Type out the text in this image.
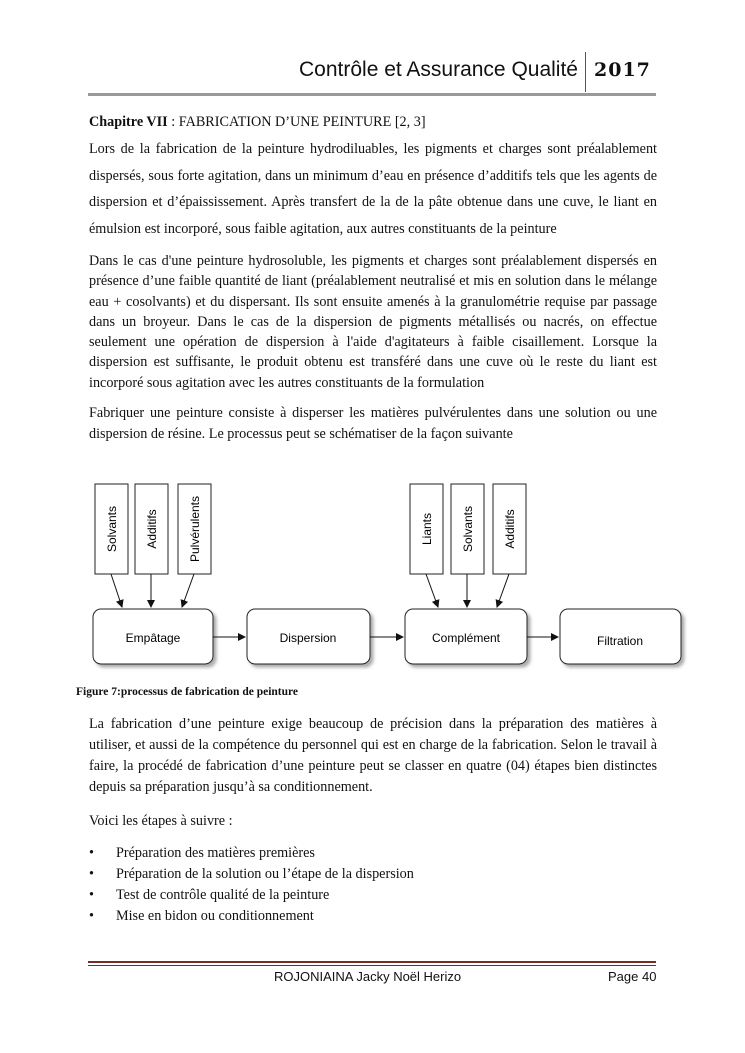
Contrôle et Assurance Qualité 2017

Chapitre VII : FABRICATION D’UNE PEINTURE [2, 3]

Lors de la fabrication de la peinture hydrodiluables, les pigments et charges sont préalablement dispersés, sous forte agitation, dans un minimum d’eau en présence d’additifs tels que les agents de dispersion et d’épaississement. Après transfert de la de la pâte obtenue dans une cuve, le liant en émulsion est incorporé, sous faible agitation, aux autres constituants de la peinture

Dans le cas d'une peinture hydrosoluble, les pigments et charges sont préalablement dispersés en présence d’une faible quantité de liant (préalablement neutralisé et mis en solution dans le mélange eau + cosolvants) et du dispersant. Ils sont ensuite amenés à la granulométrie requise par passage dans un broyeur. Dans le cas de la dispersion de pigments métallisés ou nacrés, on effectue seulement une opération de dispersion à l'aide d'agitateurs à faible cisaillement. Lorsque la dispersion est suffisante, le produit obtenu est transféré dans une cuve où le reste du liant est incorporé sous agitation avec les autres constituants de la formulation

Fabriquer une peinture consiste à disperser les matières pulvérulentes dans une solution ou une dispersion de résine. Le processus peut se schématiser de la façon suivante

Solvants Additifs Pulvérulents	Liants Solvants Additifs
Empâtage	Dispersion	Complément	Filtration
Figure 7:processus de fabrication de peinture

La fabrication d’une peinture exige beaucoup de précision dans la préparation des matières à utiliser, et aussi de la compétence du personnel qui est en charge de la fabrication. Selon le travail à faire, la procédé de fabrication d’une peinture peut se classer en quatre (04) étapes bien distinctes depuis sa préparation jusqu’à sa conditionnement.

Voici les étapes à suivre :

• Préparation des matières premières
• Préparation de la solution ou l’étape de la dispersion
• Test de contrôle qualité de la peinture
• Mise en bidon ou conditionnement
ROJONIAINA Jacky Noël Herizo	Page 40
